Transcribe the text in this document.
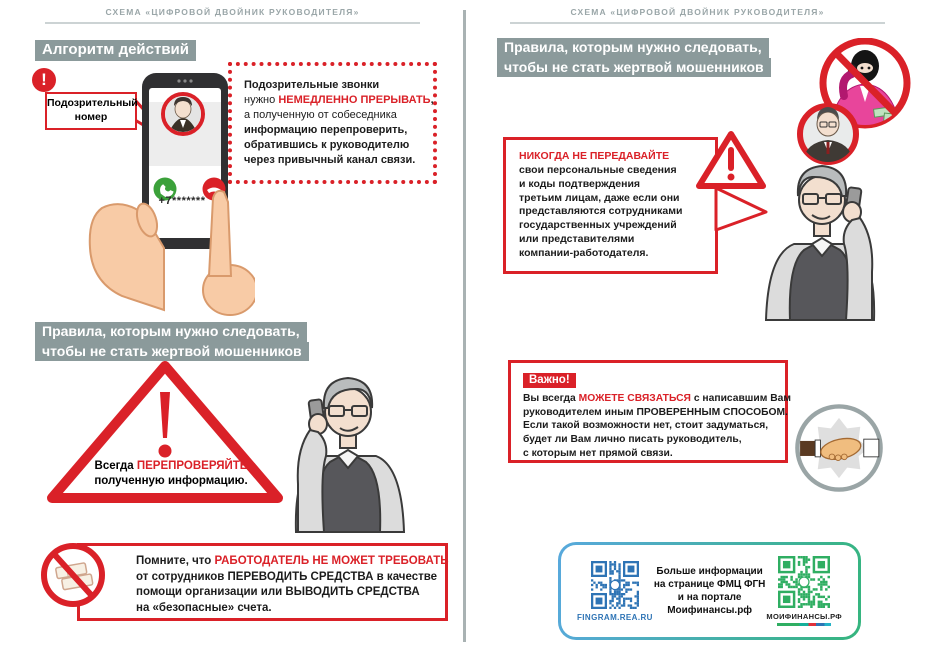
СХЕМА «ЦИФРОВОЙ ДВОЙНИК РУКОВОДИТЕЛЯ»	СХЕМА «ЦИФРОВОЙ ДВОЙНИК РУКОВОДИТЕЛЯ»
Алгоритм действий
Подозрительный
номер
!
+7*******
Подозрительные звонки
нужно НЕМЕДЛЕННО ПРЕРЫВАТЬ,
а полученную от собеседника
информацию перепроверить,
обратившись к руководителю
через привычный канал связи.
Правила, которым нужно следовать,
чтобы не стать жертвой мошенников
Всегда ПЕРЕПРОВЕРЯЙТЕ
полученную информацию.
Помните, что РАБОТОДАТЕЛЬ НЕ МОЖЕТ ТРЕБОВАТЬ
от сотрудников ПЕРЕВОДИТЬ СРЕДСТВА в качестве
помощи организации или ВЫВОДИТЬ СРЕДСТВА
на «безопасные» счета.
Правила, которым нужно следовать,
чтобы не стать жертвой мошенников
НИКОГДА НЕ ПЕРЕДАВАЙТЕ
свои персональные сведения
и коды подтверждения
третьим лицам, даже если они
представляются сотрудниками
государственных учреждений
или представителями
компании-работодателя.
Важно!
Вы всегда МОЖЕТЕ СВЯЗАТЬСЯ с написавшим Вам
руководителем иным ПРОВЕРЕННЫМ СПОСОБОМ.
Если такой возможности нет, стоит задуматься,
будет ли Вам лично писать руководитель,
с которым нет прямой связи.
FINGRAM.REA.RU
Больше информации
на странице ФМЦ ФГН
и на портале
Моифинансы.рф
МОИФИНАНСЫ.РФ
